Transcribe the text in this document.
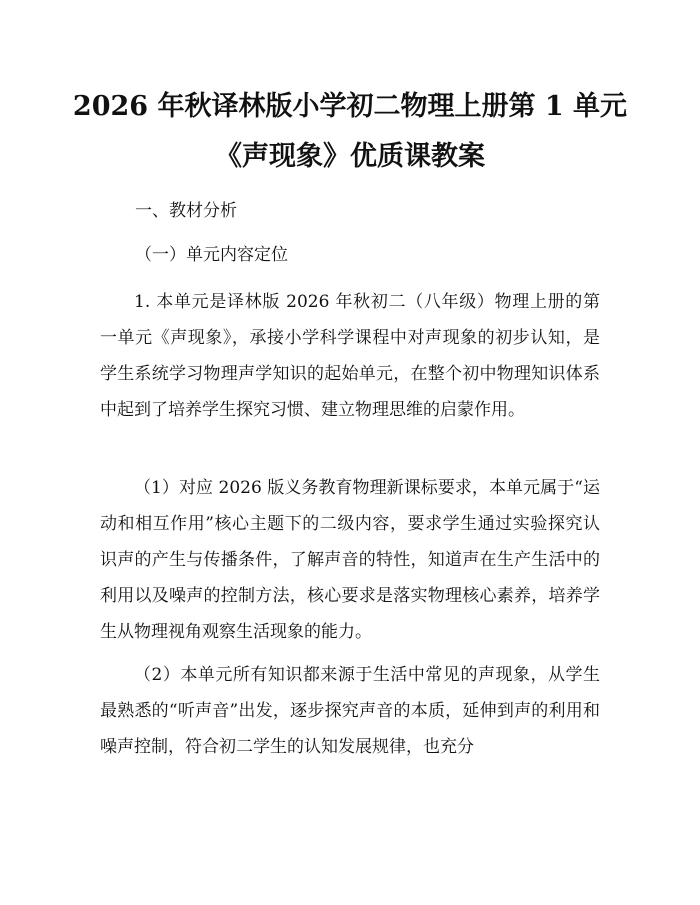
2026 年秋译林版小学初二物理上册第 1 单元
《声现象》优质课教案
一、教材分析
（一）单元内容定位
1. 本单元是译林版 2026 年秋初二（八年级）物理上册的第一单元《声现象》，承接小学科学课程中对声现象的初步认知，是学生系统学习物理声学知识的起始单元，在整个初中物理知识体系中起到了培养学生探究习惯、建立物理思维的启蒙作用。
（1）对应 2026 版义务教育物理新课标要求，本单元属于“运动和相互作用”核心主题下的二级内容，要求学生通过实验探究认识声的产生与传播条件，了解声音的特性，知道声在生产生活中的利用以及噪声的控制方法，核心要求是落实物理核心素养，培养学生从物理视角观察生活现象的能力。
（2）本单元所有知识都来源于生活中常见的声现象，从学生最熟悉的“听声音”出发，逐步探究声音的本质，延伸到声的利用和噪声控制，符合初二学生的认知发展规律，也充分
